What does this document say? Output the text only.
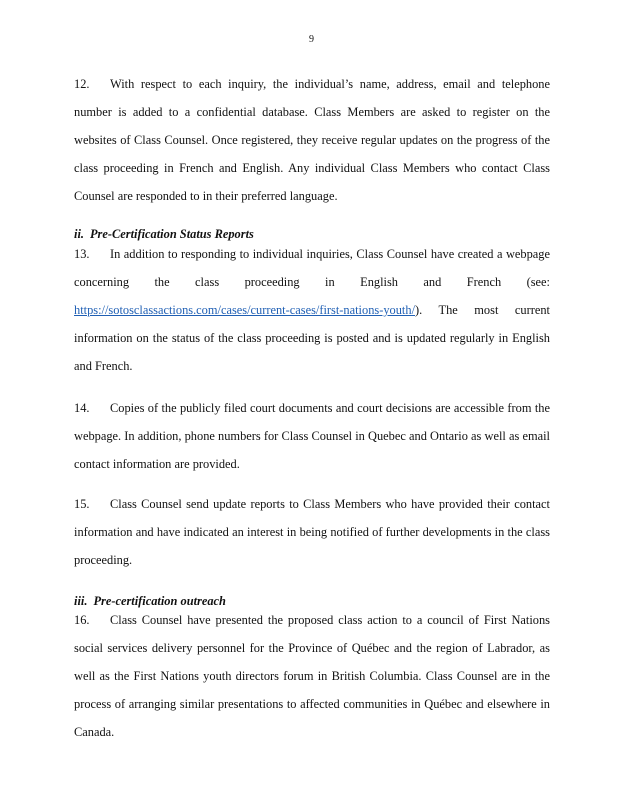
9

12. With respect to each inquiry, the individual’s name, address, email and telephone number is added to a confidential database. Class Members are asked to register on the websites of Class Counsel. Once registered, they receive regular updates on the progress of the class proceeding in French and English. Any individual Class Members who contact Class Counsel are responded to in their preferred language.

ii. Pre-Certification Status Reports

13. In addition to responding to individual inquiries, Class Counsel have created a webpage concerning the class proceeding in English and French (see: https://sotosclassactions.com/cases/current-cases/first-nations-youth/). The most current information on the status of the class proceeding is posted and is updated regularly in English and French.

14. Copies of the publicly filed court documents and court decisions are accessible from the webpage. In addition, phone numbers for Class Counsel in Quebec and Ontario as well as email contact information are provided.

15. Class Counsel send update reports to Class Members who have provided their contact information and have indicated an interest in being notified of further developments in the class proceeding.

iii. Pre-certification outreach

16. Class Counsel have presented the proposed class action to a council of First Nations social services delivery personnel for the Province of Québec and the region of Labrador, as well as the First Nations youth directors forum in British Columbia. Class Counsel are in the process of arranging similar presentations to affected communities in Québec and elsewhere in Canada.
